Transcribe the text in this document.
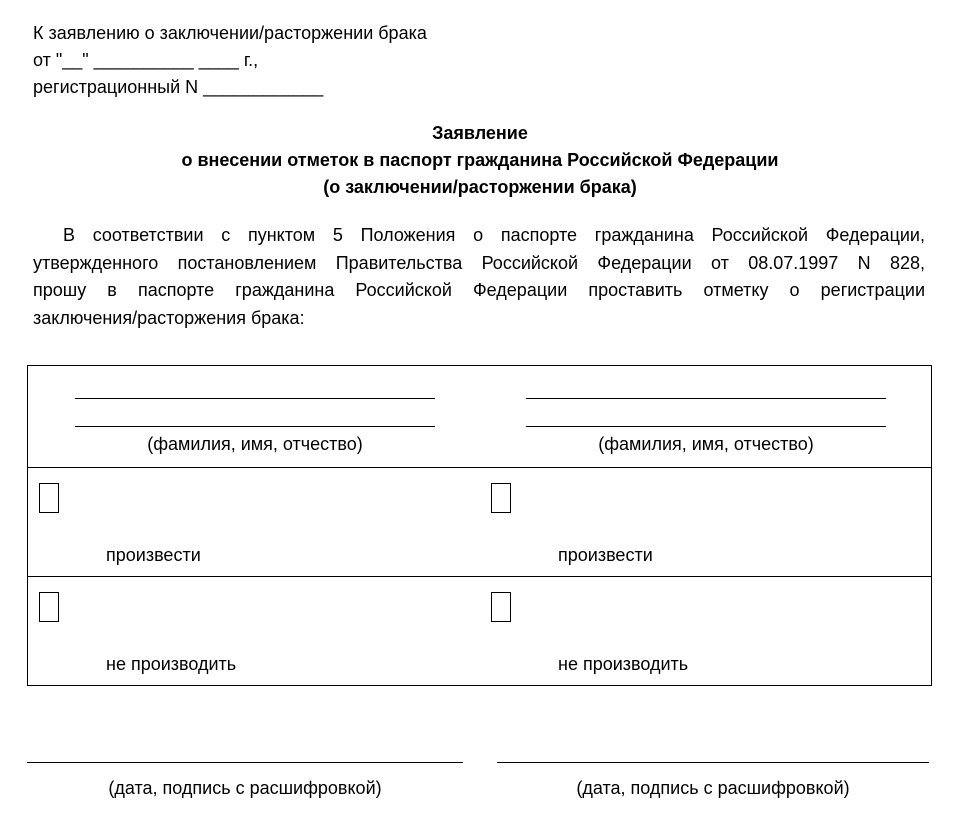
К заявлению о заключении/расторжении брака
от "__" __________ ____ г.,
регистрационный N ____________
Заявление
о внесении отметок в паспорт гражданина Российской Федерации
(о заключении/расторжении брака)
В соответствии с пунктом 5 Положения о паспорте гражданина Российской Федерации,
утвержденного постановлением Правительства Российской Федерации от 08.07.1997 N 828,
прошу в паспорте гражданина Российской Федерации проставить отметку о регистрации
заключения/расторжения брака:
(фамилия, имя, отчество)	(фамилия, имя, отчество)
произвести	произвести
не производить	не производить
(дата, подпись с расшифровкой)	(дата, подпись с расшифровкой)
